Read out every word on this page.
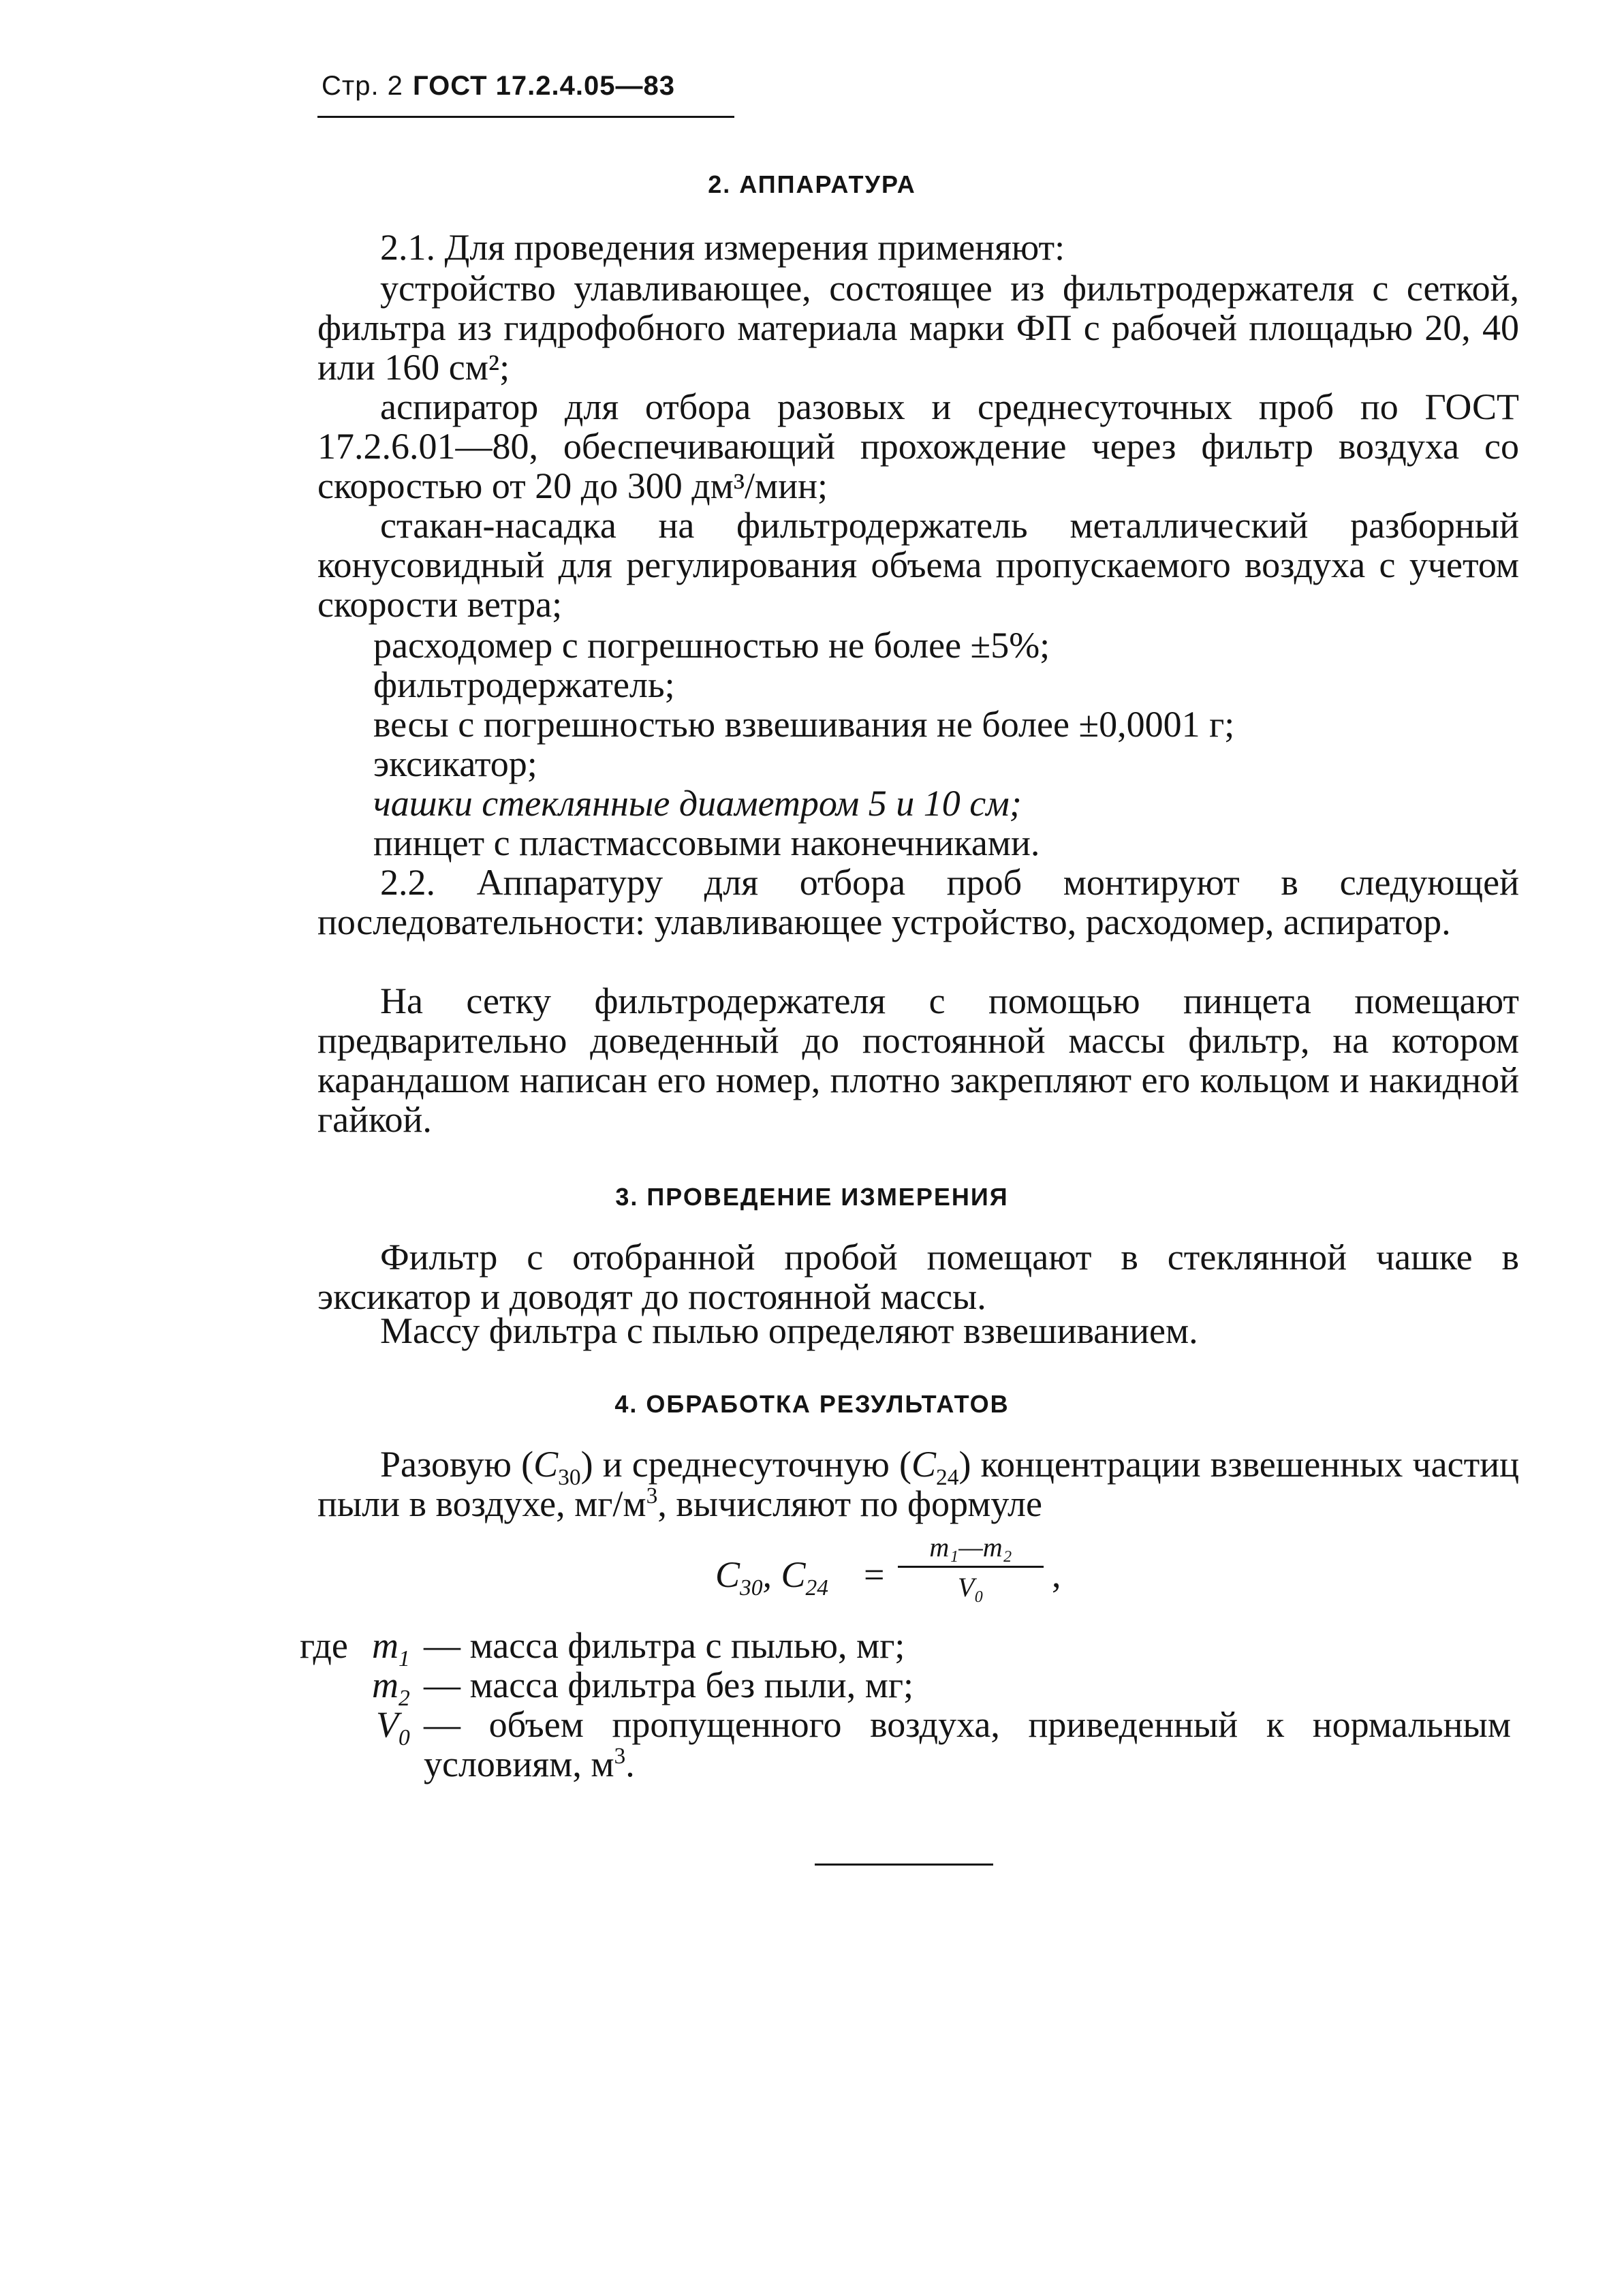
Стр. 2 ГОСТ 17.2.4.05—83
2. АППАРАТУРА

2.1. Для проведения измерения применяют:

устройство улавливающее, состоящее из фильтродержателя с сеткой, фильтра из гидрофобного материала марки ФП с рабочей площадью 20, 40 или 160 см²;

аспиратор для отбора разовых и среднесуточных проб по ГОСТ 17.2.6.01—80, обеспечивающий прохождение через фильтр воздуха со скоростью от 20 до 300 дм³/мин;

стакан-насадка на фильтродержатель металлический разборный конусовидный для регулирования объема пропускаемого воздуха с учетом скорости ветра;

расходомер с погрешностью не более ±5%;
фильтродержатель;
весы с погрешностью взвешивания не более ±0,0001 г;
эксикатор;
чашки стеклянные диаметром 5 и 10 см;
пинцет с пластмассовыми наконечниками.

2.2. Аппаратуру для отбора проб монтируют в следующей последовательности: улавливающее устройство, расходомер, аспиратор.

На сетку фильтродержателя с помощью пинцета помещают предварительно доведенный до постоянной массы фильтр, на котором карандашом написан его номер, плотно закрепляют его кольцом и накидной гайкой.

3. ПРОВЕДЕНИЕ ИЗМЕРЕНИЯ

Фильтр с отобранной пробой помещают в стеклянной чашке в эксикатор и доводят до постоянной массы.

Массу фильтра с пылью определяют взвешиванием.

4. ОБРАБОТКА РЕЗУЛЬТАТОВ

Разовую $(C_{30})$ и среднесуточную $(C_{24})$ концентрации взвешенных частиц пыли в воздухе, $мг/м^3$, вычисляют по формуле

$C_{30}$, $C_{24}$ =
m₁—m₂
V₀	,
где $m_1$ — масса фильтра с пылью, мг;
$m_2$ — масса фильтра без пыли, мг;
$V_0$ — объем пропущенного воздуха, приведенный к нормальным условиям, $м^3$.
